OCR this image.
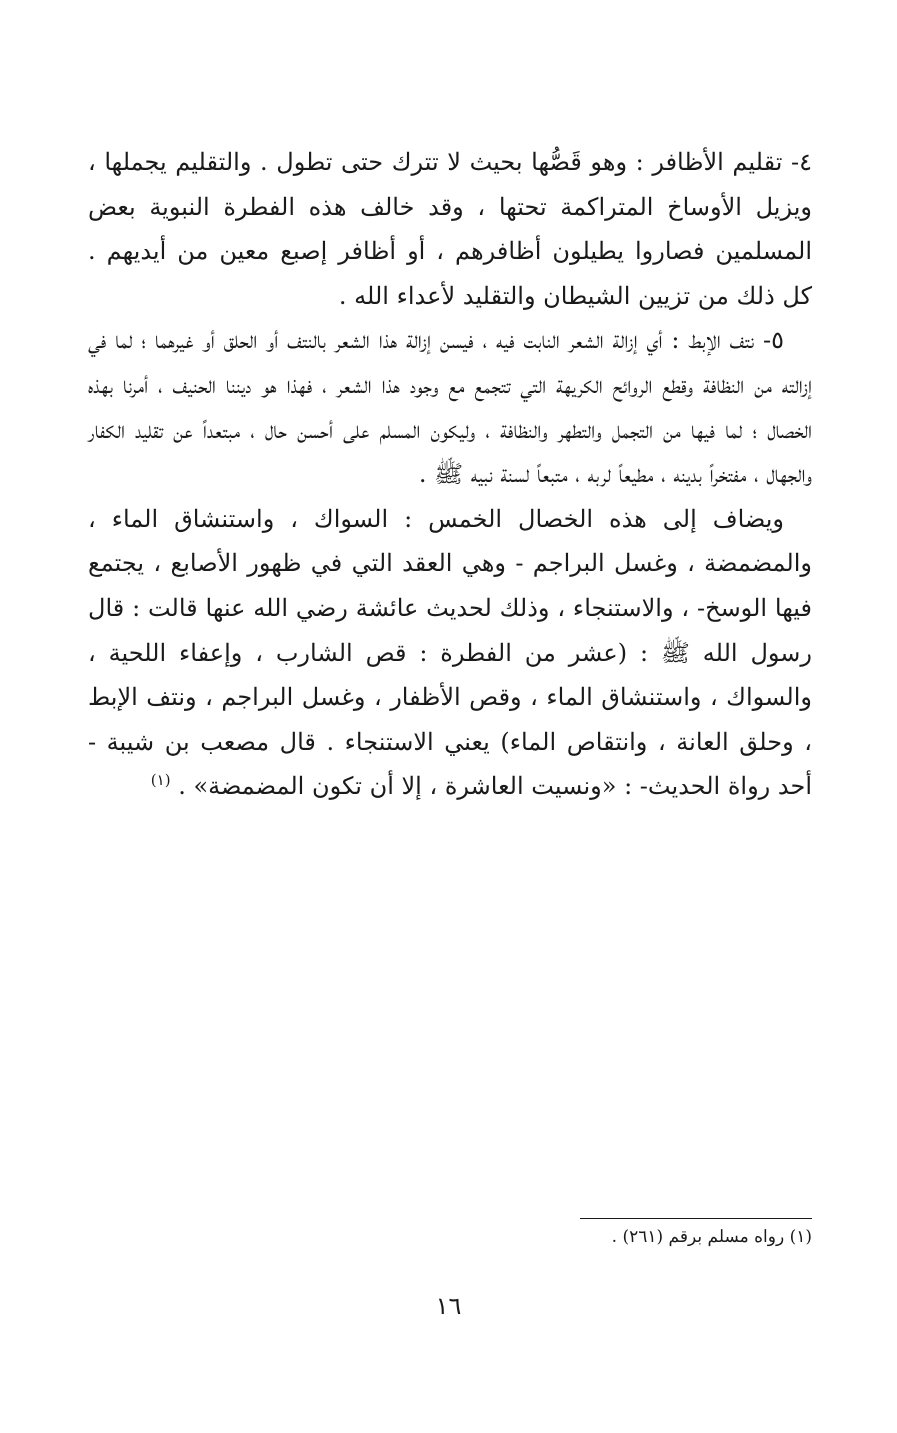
٤- تقليم الأظافر : وهو قَصُّها بحيث لا تترك حتى تطول . والتقليم يجملها ، ويزيل الأوساخ المتراكمة تحتها ، وقد خالف هذه الفطرة النبوية بعض المسلمين فصاروا يطيلون أظافرهم ، أو أظافر إصبع معين من أيديهم . كل ذلك من تزيين الشيطان والتقليد لأعداء الله .

٥- نتف الإبط : أي إزالة الشعر النابت فيه ، فيسن إزالة هذا الشعر بالنتف أو الحلق أو غيرهما ؛ لما في إزالته من النظافة وقطع الروائح الكريهة التي تتجمع مع وجود هذا الشعر ، فهذا هو ديننا الحنيف ، أمرنا بهذه الخصال ؛ لما فيها من التجمل والتطهر والنظافة ، وليكون المسلم على أحسن حال ، مبتعداً عن تقليد الكفار والجهال ، مفتخراً بدينه ، مطيعاً لربه ، متبعاً لسنة نبيه ﷺ .

ويضاف إلى هذه الخصال الخمس : السواك ، واستنشاق الماء ، والمضمضة ، وغسل البراجم - وهي العقد التي في ظهور الأصابع ، يجتمع فيها الوسخ- ، والاستنجاء ، وذلك لحديث عائشة رضي الله عنها قالت : قال رسول الله ﷺ : (عشر من الفطرة : قص الشارب ، وإعفاء اللحية ، والسواك ، واستنشاق الماء ، وقص الأظفار ، وغسل البراجم ، ونتف الإبط ، وحلق العانة ، وانتقاص الماء) يعني الاستنجاء . قال مصعب بن شيبة - أحد رواة الحديث- : «ونسيت العاشرة ، إلا أن تكون المضمضة» . $^{(١)}$

(١) رواه مسلم برقم (٢٦١) .
١٦
